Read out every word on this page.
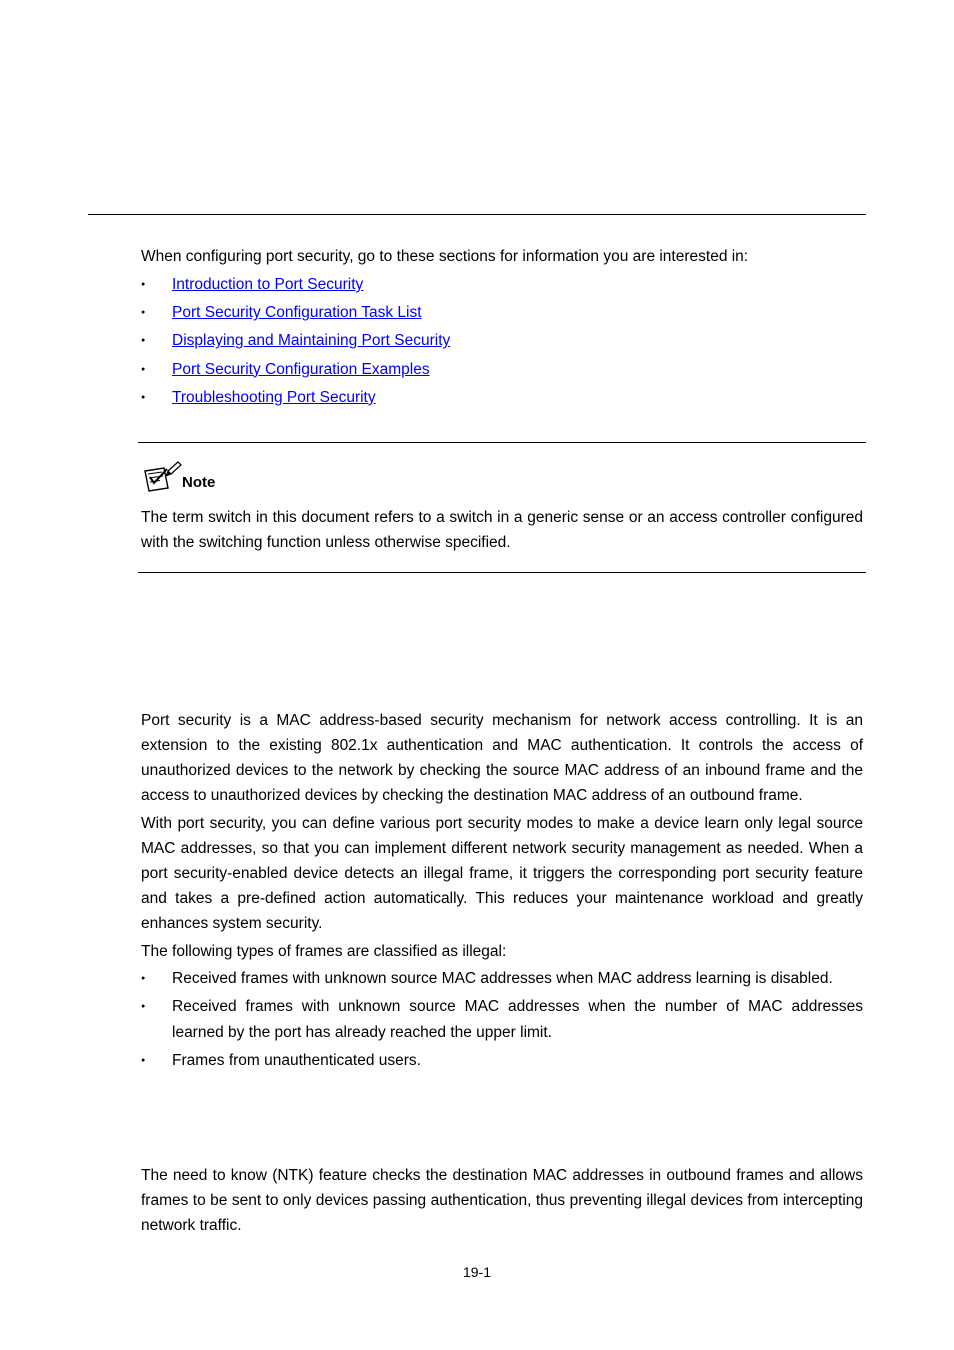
When configuring port security, go to these sections for information you are interested in:
● Introduction to Port Security
● Port Security Configuration Task List
● Displaying and Maintaining Port Security
● Port Security Configuration Examples
● Troubleshooting Port Security
Note
The term switch in this document refers to a switch in a generic sense or an access controller configured with the switching function unless otherwise specified.
Port security is a MAC address-based security mechanism for network access controlling. It is an extension to the existing 802.1x authentication and MAC authentication. It controls the access of unauthorized devices to the network by checking the source MAC address of an inbound frame and the access to unauthorized devices by checking the destination MAC address of an outbound frame.
With port security, you can define various port security modes to make a device learn only legal source MAC addresses, so that you can implement different network security management as needed. When a port security-enabled device detects an illegal frame, it triggers the corresponding port security feature and takes a pre-defined action automatically. This reduces your maintenance workload and greatly enhances system security.
The following types of frames are classified as illegal:
● Received frames with unknown source MAC addresses when MAC address learning is disabled.
● Received frames with unknown source MAC addresses when the number of MAC addresses learned by the port has already reached the upper limit.
● Frames from unauthenticated users.
The need to know (NTK) feature checks the destination MAC addresses in outbound frames and allows frames to be sent to only devices passing authentication, thus preventing illegal devices from intercepting network traffic.
19-1
